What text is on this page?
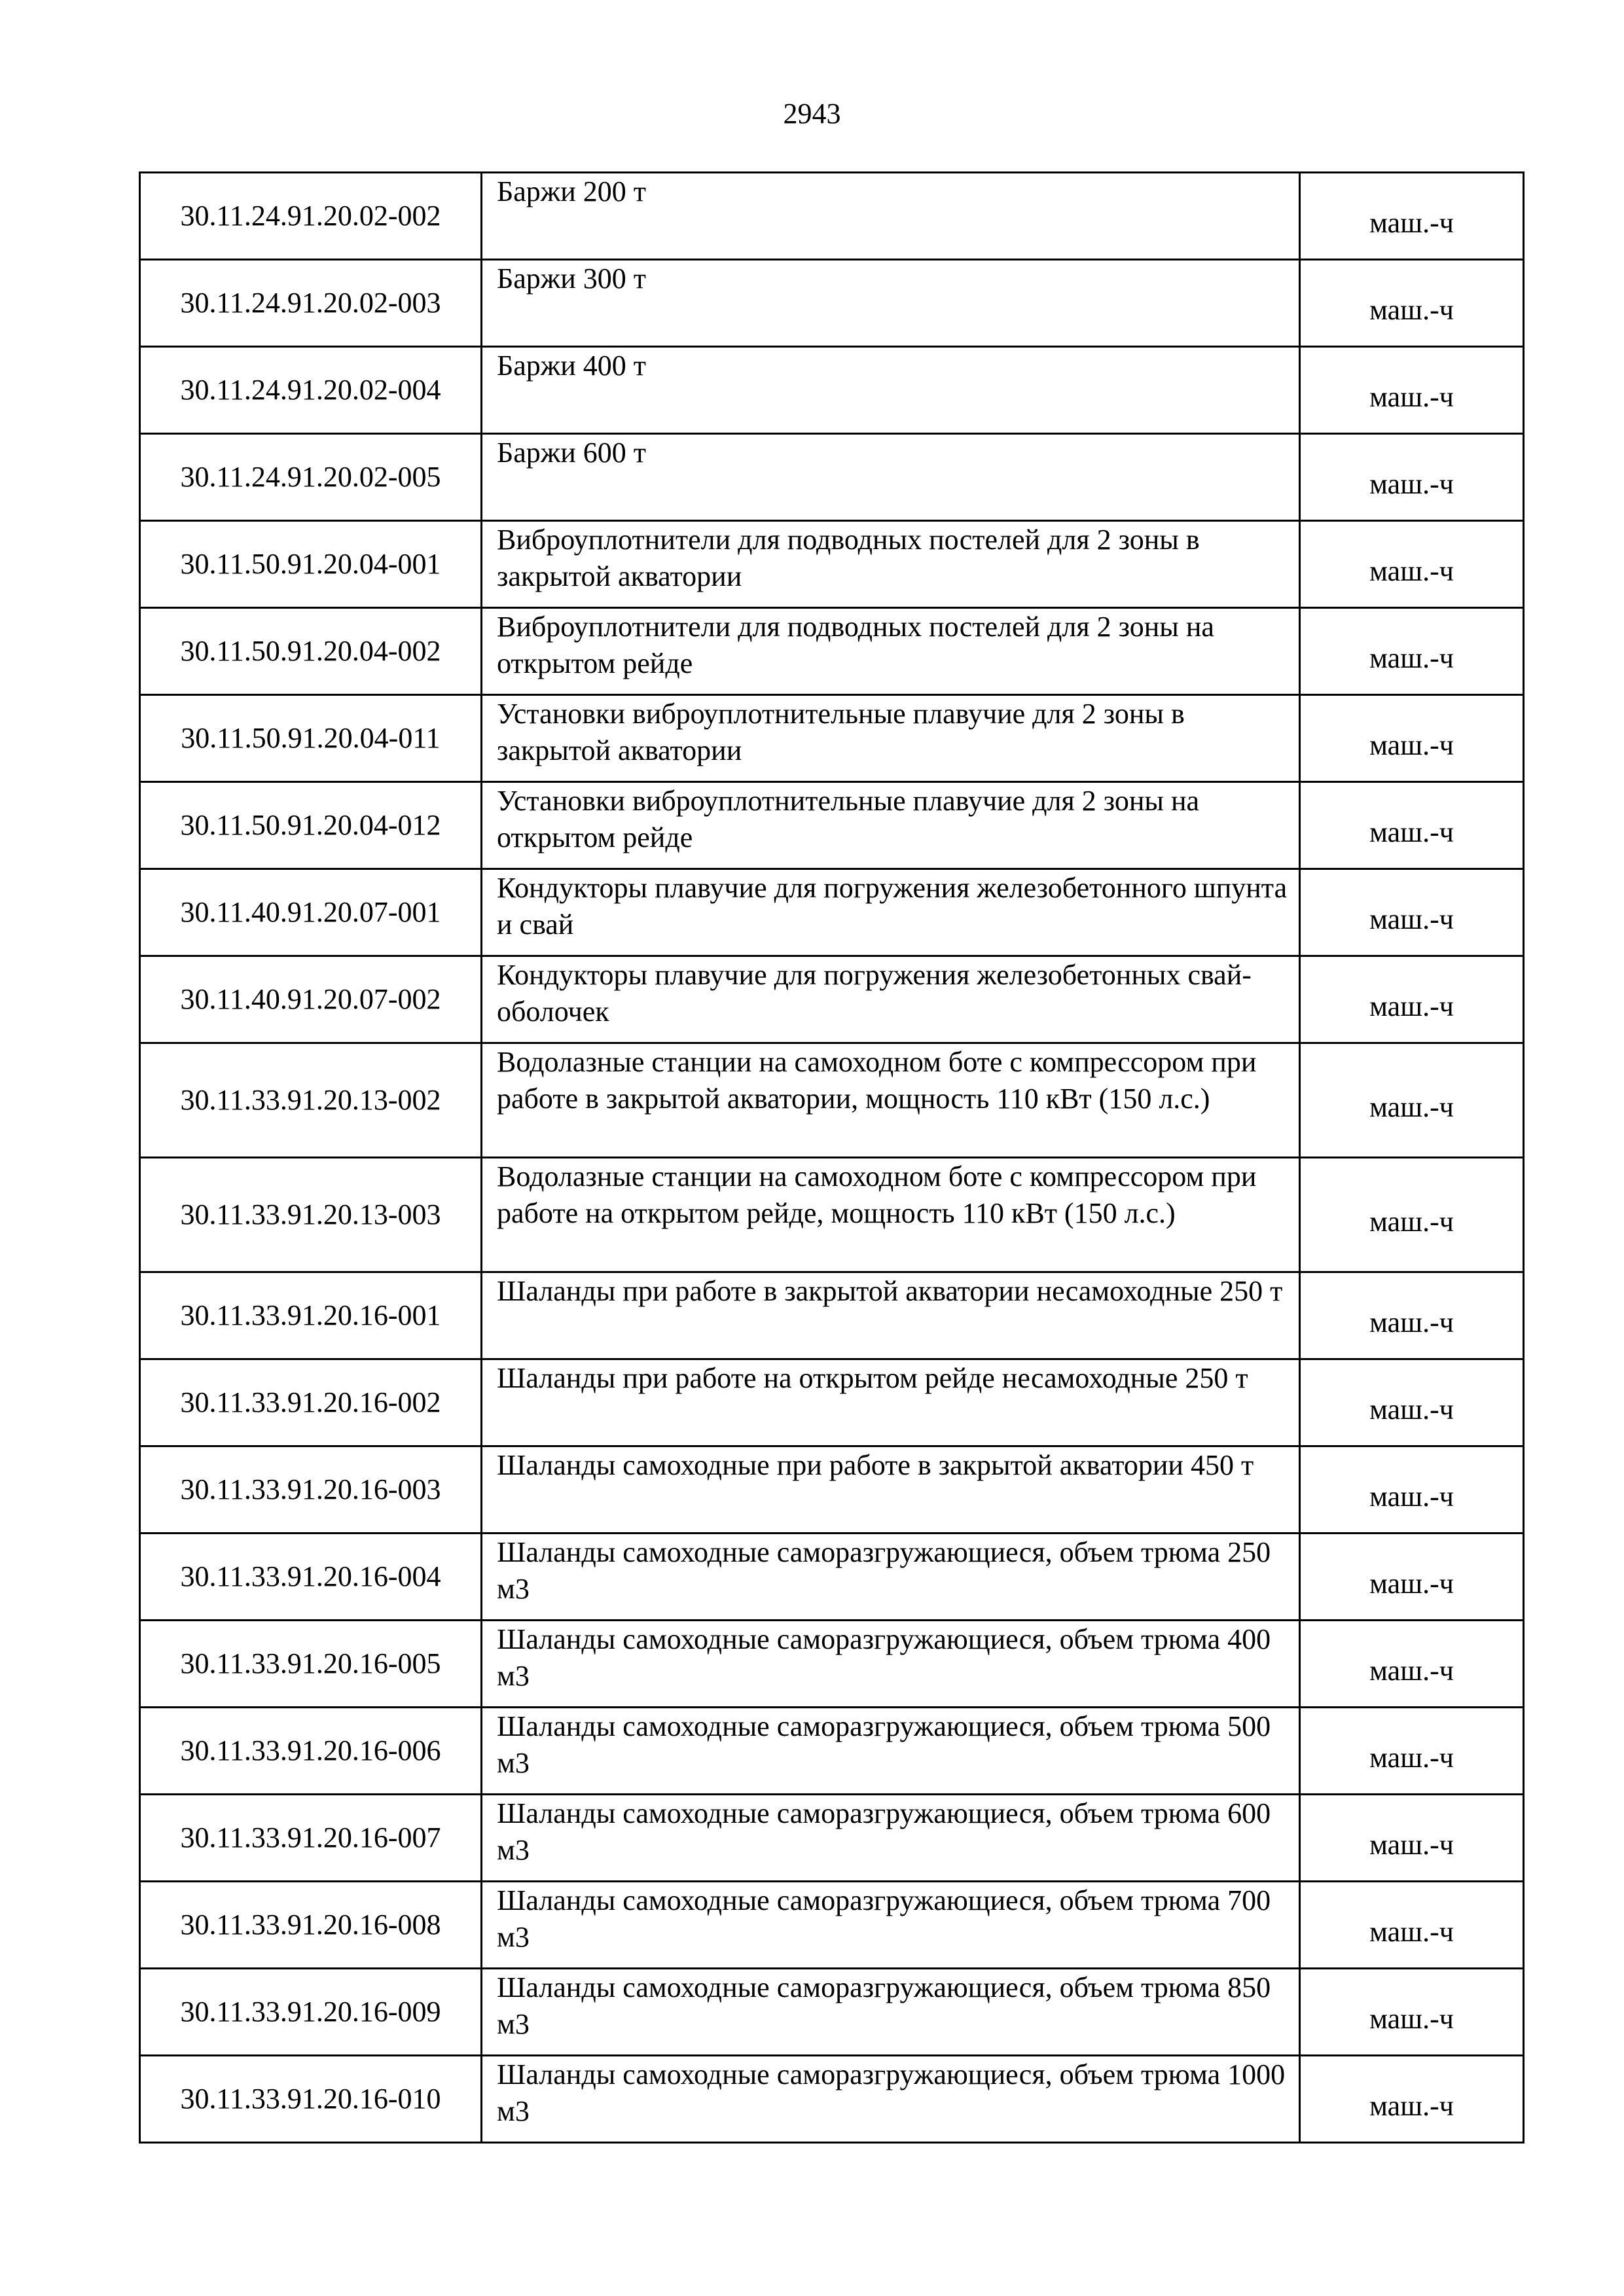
2943
30.11.24.91.20.02-002	Баржи 200 т	маш.-ч
30.11.24.91.20.02-003	Баржи 300 т	маш.-ч
30.11.24.91.20.02-004	Баржи 400 т	маш.-ч
30.11.24.91.20.02-005	Баржи 600 т	маш.-ч
30.11.50.91.20.04-001	Виброуплотнители для подводных постелей для 2 зоны в закрытой акватории	маш.-ч
30.11.50.91.20.04-002	Виброуплотнители для подводных постелей для 2 зоны на открытом рейде	маш.-ч
30.11.50.91.20.04-011	Установки виброуплотнительные плавучие для 2 зоны в закрытой акватории	маш.-ч
30.11.50.91.20.04-012	Установки виброуплотнительные плавучие для 2 зоны на открытом рейде	маш.-ч
30.11.40.91.20.07-001	Кондукторы плавучие для погружения железобетонного шпунта и свай	маш.-ч
30.11.40.91.20.07-002	Кондукторы плавучие для погружения железобетонных свай-оболочек	маш.-ч
30.11.33.91.20.13-002	Водолазные станции на самоходном боте с компрессором при работе в закрытой акватории, мощность 110 кВт (150 л.с.)	маш.-ч
30.11.33.91.20.13-003	Водолазные станции на самоходном боте с компрессором при работе на открытом рейде, мощность 110 кВт (150 л.с.)	маш.-ч
30.11.33.91.20.16-001	Шаланды при работе в закрытой акватории несамоходные 250 т	маш.-ч
30.11.33.91.20.16-002	Шаланды при работе на открытом рейде несамоходные 250 т	маш.-ч
30.11.33.91.20.16-003	Шаланды самоходные при работе в закрытой акватории 450 т	маш.-ч
30.11.33.91.20.16-004	Шаланды самоходные саморазгружающиеся, объем трюма 250 м3	маш.-ч
30.11.33.91.20.16-005	Шаланды самоходные саморазгружающиеся, объем трюма 400 м3	маш.-ч
30.11.33.91.20.16-006	Шаланды самоходные саморазгружающиеся, объем трюма 500 м3	маш.-ч
30.11.33.91.20.16-007	Шаланды самоходные саморазгружающиеся, объем трюма 600 м3	маш.-ч
30.11.33.91.20.16-008	Шаланды самоходные саморазгружающиеся, объем трюма 700 м3	маш.-ч
30.11.33.91.20.16-009	Шаланды самоходные саморазгружающиеся, объем трюма 850 м3	маш.-ч
30.11.33.91.20.16-010	Шаланды самоходные саморазгружающиеся, объем трюма 1000 м3	маш.-ч
